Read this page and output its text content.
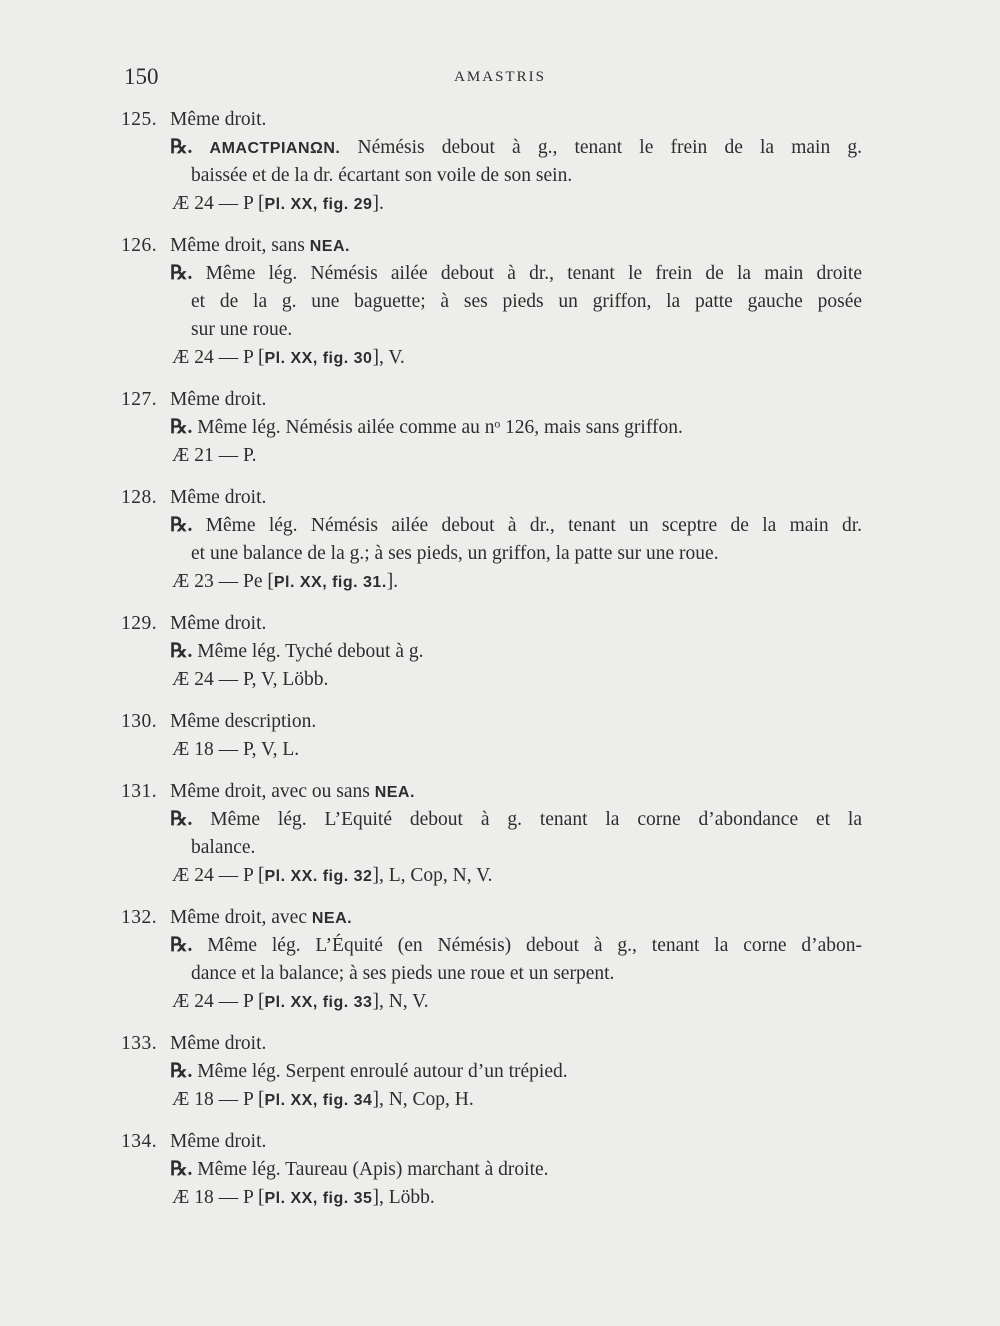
150	AMASTRIS
125. Même droit.
℞. AMACTPIANΩN. Némésis debout à g., tenant le frein de la main g.
baissée et de la dr. écartant son voile de son sein.
Æ 24 — P [Pl. XX, fig. 29].
126. Même droit, sans NEA.
℞. Même lég. Némésis ailée debout à dr., tenant le frein de la main droite
et de la g. une baguette; à ses pieds un griffon, la patte gauche posée
sur une roue.
Æ 24 — P [Pl. XX, fig. 30], V.
127. Même droit.
℞. Même lég. Némésis ailée comme au nᵒ 126, mais sans griffon.
Æ 21 — P.
128. Même droit.
℞. Même lég. Némésis ailée debout à dr., tenant un sceptre de la main dr.
et une balance de la g.; à ses pieds, un griffon, la patte sur une roue.
Æ 23 — Pe [Pl. XX, fig. 31.].
129. Même droit.
℞. Même lég. Tyché debout à g.
Æ 24 — P, V, Löbb.
130. Même description.
Æ 18 — P, V, L.
131. Même droit, avec ou sans NEA.
℞. Même lég. L’Equité debout à g. tenant la corne d’abondance et la
balance.
Æ 24 — P [Pl. XX. fig. 32], L, Cop, N, V.
132. Même droit, avec NEA.
℞. Même lég. L’Équité (en Némésis) debout à g., tenant la corne d’abon-
dance et la balance; à ses pieds une roue et un serpent.
Æ 24 — P [Pl. XX, fig. 33], N, V.
133. Même droit.
℞. Même lég. Serpent enroulé autour d’un trépied.
Æ 18 — P [Pl. XX, fig. 34], N, Cop, H.
134. Même droit.
℞. Même lég. Taureau (Apis) marchant à droite.
Æ 18 — P [Pl. XX, fig. 35], Löbb.
